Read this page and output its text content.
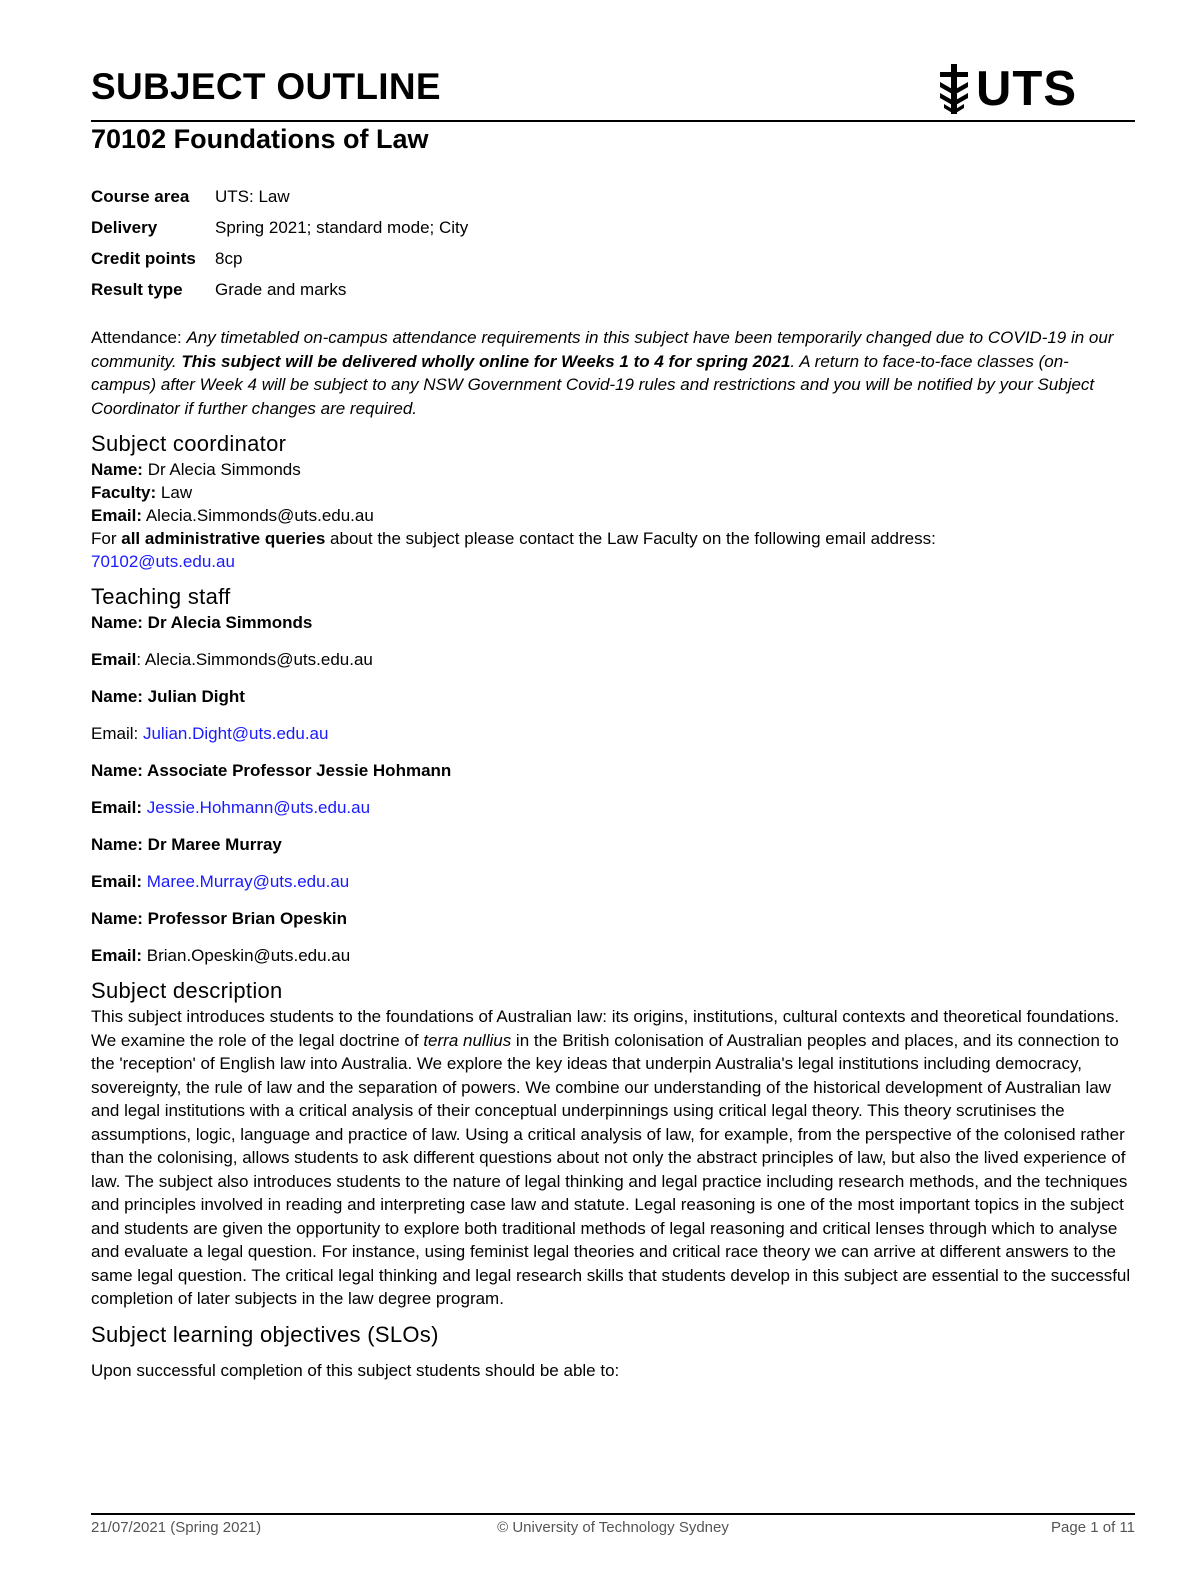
SUBJECT OUTLINE	UTS
70102 Foundations of Law
Course area	UTS: Law
Delivery	Spring 2021; standard mode; City
Credit points	8cp
Result type	Grade and marks

Attendance: Any timetabled on-campus attendance requirements in this subject have been temporarily changed due to COVID-19 in our community. This subject will be delivered wholly online for Weeks 1 to 4 for spring 2021. A return to face-to-face classes (on-campus) after Week 4 will be subject to any NSW Government Covid-19 rules and restrictions and you will be notified by your Subject Coordinator if further changes are required.

Subject coordinator

Name: Dr Alecia Simmonds

Faculty: Law

Email: Alecia.Simmonds@uts.edu.au

For all administrative queries about the subject please contact the Law Faculty on the following email address:

70102@uts.edu.au

Teaching staff

Name: Dr Alecia Simmonds

Email: Alecia.Simmonds@uts.edu.au

Name: Julian Dight

Email: Julian.Dight@uts.edu.au

Name: Associate Professor Jessie Hohmann

Email: Jessie.Hohmann@uts.edu.au

Name: Dr Maree Murray

Email: Maree.Murray@uts.edu.au

Name: Professor Brian Opeskin

Email: Brian.Opeskin@uts.edu.au

Subject description

This subject introduces students to the foundations of Australian law: its origins, institutions, cultural contexts and theoretical foundations. We examine the role of the legal doctrine of terra nullius in the British colonisation of Australian peoples and places, and its connection to the 'reception' of English law into Australia. We explore the key ideas that underpin Australia's legal institutions including democracy, sovereignty, the rule of law and the separation of powers. We combine our understanding of the historical development of Australian law and legal institutions with a critical analysis of their conceptual underpinnings using critical legal theory. This theory scrutinises the assumptions, logic, language and practice of law. Using a critical analysis of law, for example, from the perspective of the colonised rather than the colonising, allows students to ask different questions about not only the abstract principles of law, but also the lived experience of law. The subject also introduces students to the nature of legal thinking and legal practice including research methods, and the techniques and principles involved in reading and interpreting case law and statute. Legal reasoning is one of the most important topics in the subject and students are given the opportunity to explore both traditional methods of legal reasoning and critical lenses through which to analyse and evaluate a legal question. For instance, using feminist legal theories and critical race theory we can arrive at different answers to the same legal question. The critical legal thinking and legal research skills that students develop in this subject are essential to the successful completion of later subjects in the law degree program.

Subject learning objectives (SLOs)

Upon successful completion of this subject students should be able to:

21/07/2021 (Spring 2021)	© University of Technology Sydney	Page 1 of 11
